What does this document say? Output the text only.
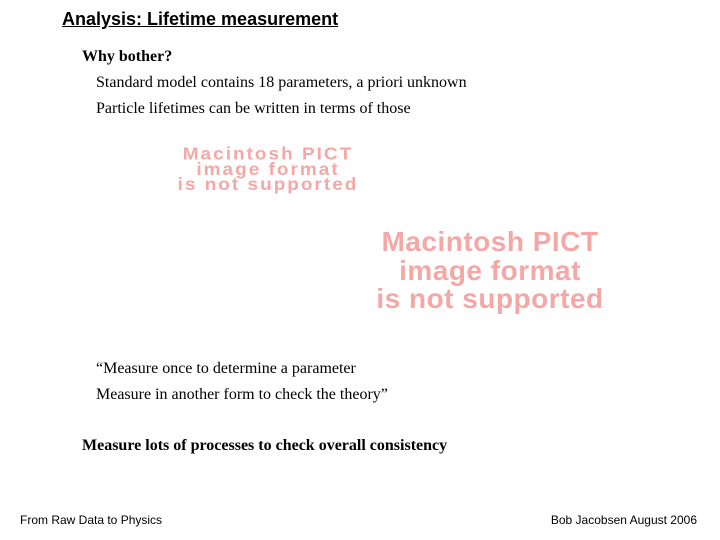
Analysis: Lifetime measurement
Why bother?
Standard model contains 18 parameters, a priori unknown
Particle lifetimes can be written in terms of those
Macintosh PICT
image format
is not supported
Macintosh PICT
image format
is not supported
“Measure once to determine a parameter
Measure in another form to check the theory”
Measure lots of processes to check overall consistency
From Raw Data to Physics	Bob Jacobsen August 2006
